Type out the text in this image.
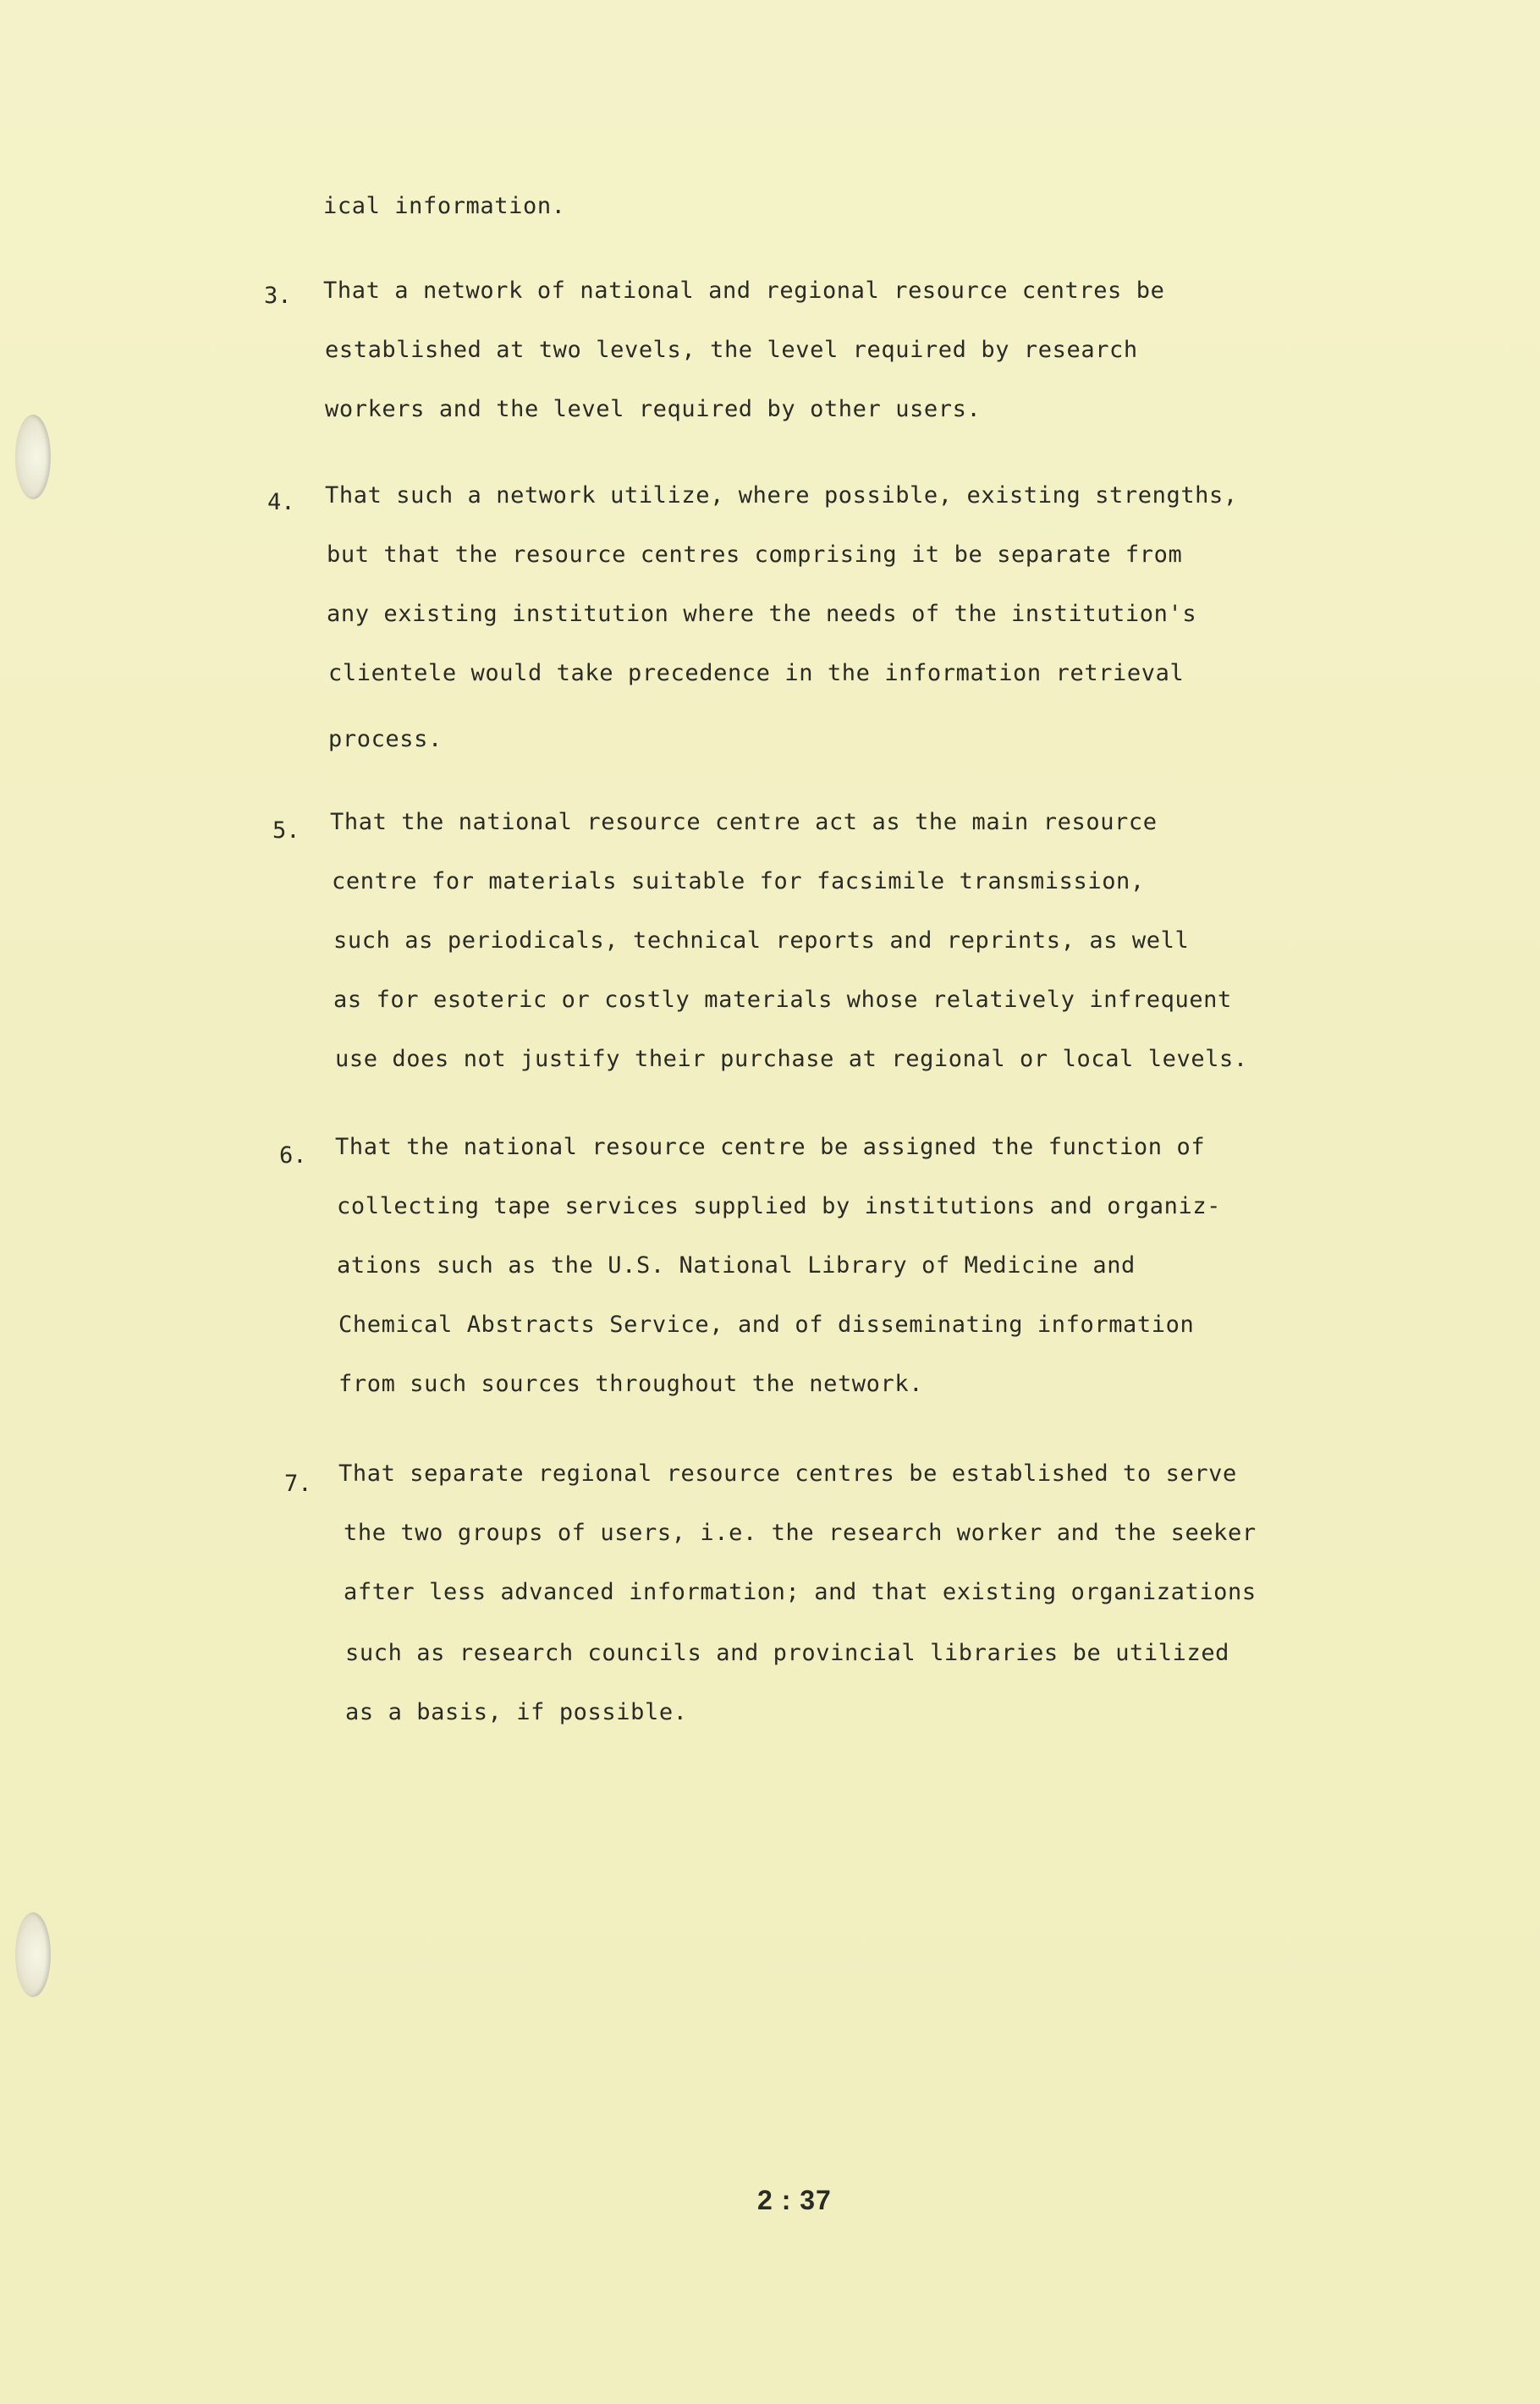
ical information.
3. That a network of national and regional resource centres be
established at two levels, the level required by research
workers and the level required by other users.
4. That such a network utilize, where possible, existing strengths,
but that the resource centres comprising it be separate from
any existing institution where the needs of the institution's
clientele would take precedence in the information retrieval
process.
5. That the national resource centre act as the main resource
centre for materials suitable for facsimile transmission,
such as periodicals, technical reports and reprints, as well
as for esoteric or costly materials whose relatively infrequent
use does not justify their purchase at regional or local levels.
6. That the national resource centre be assigned the function of
collecting tape services supplied by institutions and organiz-
ations such as the U.S. National Library of Medicine and
Chemical Abstracts Service, and of disseminating information
from such sources throughout the network.
7. That separate regional resource centres be established to serve
the two groups of users, i.e. the research worker and the seeker
after less advanced information; and that existing organizations
such as research councils and provincial libraries be utilized
as a basis, if possible.
2 : 37
